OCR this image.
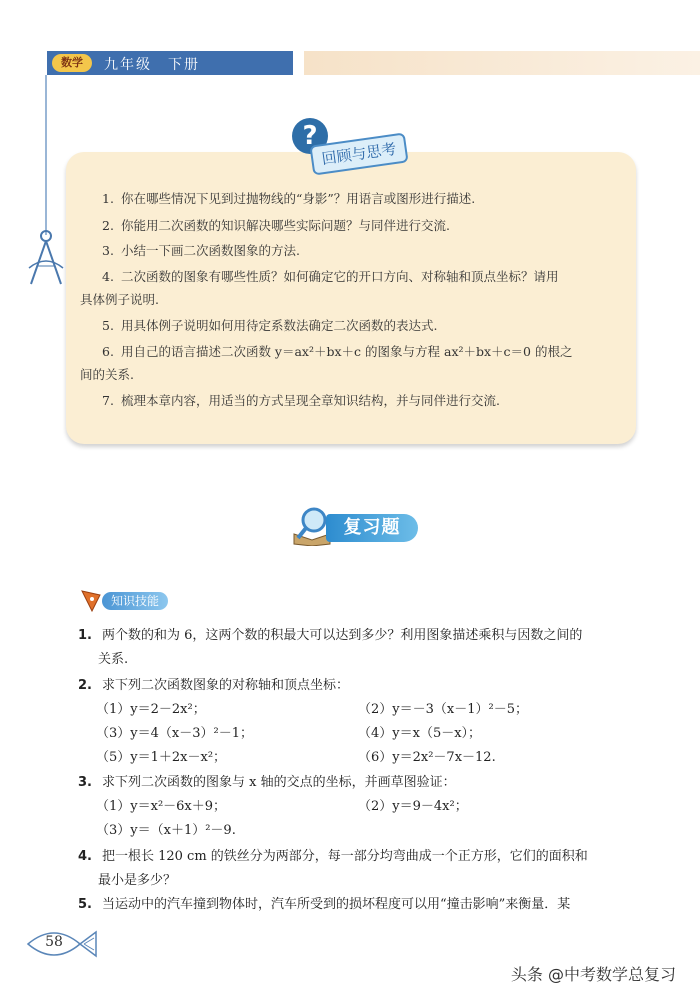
数学	九年级　下册
?
回顾与思考
1. 你在哪些情况下见到过抛物线的“身影”？用语言或图形进行描述.
2. 你能用二次函数的知识解决哪些实际问题？与同伴进行交流.
3. 小结一下画二次函数图象的方法.
4. 二次函数的图象有哪些性质？如何确定它的开口方向、对称轴和顶点坐标？请用
具体例子说明.
5. 用具体例子说明如何用待定系数法确定二次函数的表达式.
6. 用自己的语言描述二次函数 y＝ax²＋bx＋c 的图象与方程 ax²＋bx＋c＝0 的根之
间的关系.
7. 梳理本章内容，用适当的方式呈现全章知识结构，并与同伴进行交流.
复习题
知识技能
1. 两个数的和为 6，这两个数的积最大可以达到多少？利用图象描述乘积与因数之间的
关系.
2. 求下列二次函数图象的对称轴和顶点坐标：
（1）y＝2－2x²；	（2）y＝－3（x－1）²－5；
（3）y＝4（x－3）²－1；	（4）y＝x（5－x）；
（5）y＝1＋2x－x²；	（6）y＝2x²－7x－12.
3. 求下列二次函数的图象与 x 轴的交点的坐标，并画草图验证：
（1）y＝x²－6x＋9；	（2）y＝9－4x²；
（3）y＝（x＋1）²－9.
4. 把一根长 120 cm 的铁丝分为两部分，每一部分均弯曲成一个正方形，它们的面积和
最小是多少？
5. 当运动中的汽车撞到物体时，汽车所受到的损坏程度可以用“撞击影响”来衡量．某
58
头条 @中考数学总复习
